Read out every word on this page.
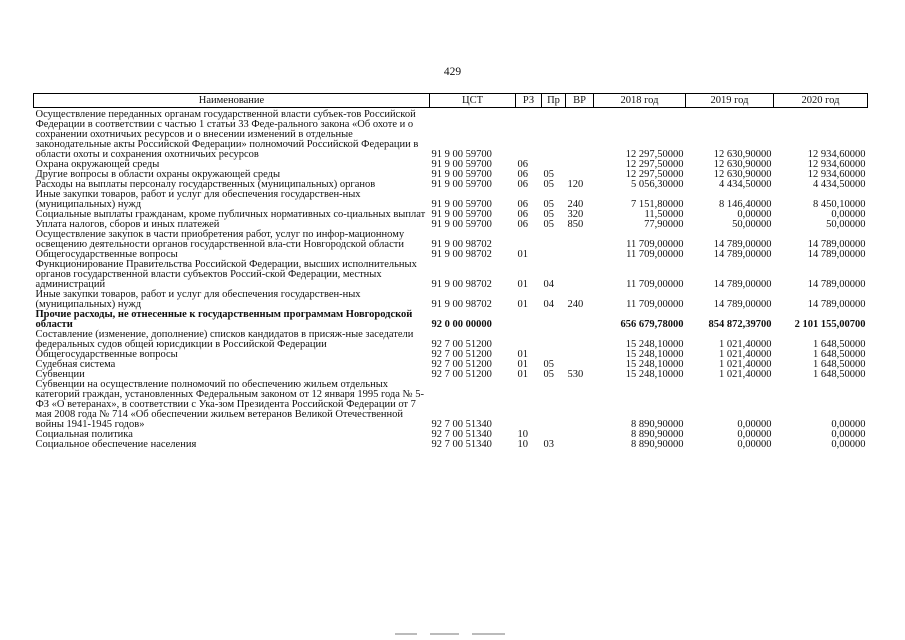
429
Наименование	ЦСТ	РЗ	Пр	ВР	2018 год	2019 год	2020 год
Осуществление переданных органам государственной власти субъек-тов Российской Федерации в соответствии с частью 1 статьи 33 Феде-рального закона «Об охоте и о сохранении охотничьих ресурсов и о внесении изменений в отдельные законодательные акты Российской Федерации» полномочий Российской Федерации в области охоты и сохранения охотничьих ресурсов	91 9 00 59700				12 297,50000	12 630,90000	12 934,60000
Охрана окружающей среды	91 9 00 59700	06			12 297,50000	12 630,90000	12 934,60000
Другие вопросы в области охраны окружающей среды	91 9 00 59700	06	05		12 297,50000	12 630,90000	12 934,60000
Расходы на выплаты персоналу государственных (муниципальных) органов	91 9 00 59700	06	05	120	5 056,30000	4 434,50000	4 434,50000
Иные закупки товаров, работ и услуг для обеспечения государствен-ных (муниципальных) нужд	91 9 00 59700	06	05	240	7 151,80000	8 146,40000	8 450,10000
Социальные выплаты гражданам, кроме публичных нормативных со-циальных выплат	91 9 00 59700	06	05	320	11,50000	0,00000	0,00000
Уплата налогов, сборов и иных платежей	91 9 00 59700	06	05	850	77,90000	50,00000	50,00000
Осуществление закупок в части приобретения работ, услуг по инфор-мационному освещению деятельности органов государственной вла-сти Новгородской области	91 9 00 98702				11 709,00000	14 789,00000	14 789,00000
Общегосударственные вопросы	91 9 00 98702	01			11 709,00000	14 789,00000	14 789,00000
Функционирование Правительства Российской Федерации, высших исполнительных органов государственной власти субъектов Россий-ской Федерации, местных администраций	91 9 00 98702	01	04		11 709,00000	14 789,00000	14 789,00000
Иные закупки товаров, работ и услуг для обеспечения государствен-ных (муниципальных) нужд	91 9 00 98702	01	04	240	11 709,00000	14 789,00000	14 789,00000
Прочие расходы, не отнесенные к государственным программам Новгородской области	92 0 00 00000				656 679,78000	854 872,39700	2 101 155,00700
Составление (изменение, дополнение) списков кандидатов в присяж-ные заседатели федеральных судов общей юрисдикции в Российской Федерации	92 7 00 51200				15 248,10000	1 021,40000	1 648,50000
Общегосударственные вопросы	92 7 00 51200	01			15 248,10000	1 021,40000	1 648,50000
Судебная система	92 7 00 51200	01	05		15 248,10000	1 021,40000	1 648,50000
Субвенции	92 7 00 51200	01	05	530	15 248,10000	1 021,40000	1 648,50000
Субвенции на осуществление полномочий по обеспечению жильем отдельных категорий граждан, установленных Федеральным законом от 12 января 1995 года № 5-ФЗ «О ветеранах», в соответствии с Ука-зом Президента Российской Федерации от 7 мая 2008 года № 714 «Об обеспечении жильем ветеранов Великой Отечественной войны 1941-1945 годов»	92 7 00 51340				8 890,90000	0,00000	0,00000
Социальная политика	92 7 00 51340	10			8 890,90000	0,00000	0,00000
Социальное обеспечение населения	92 7 00 51340	10	03		8 890,90000	0,00000	0,00000
